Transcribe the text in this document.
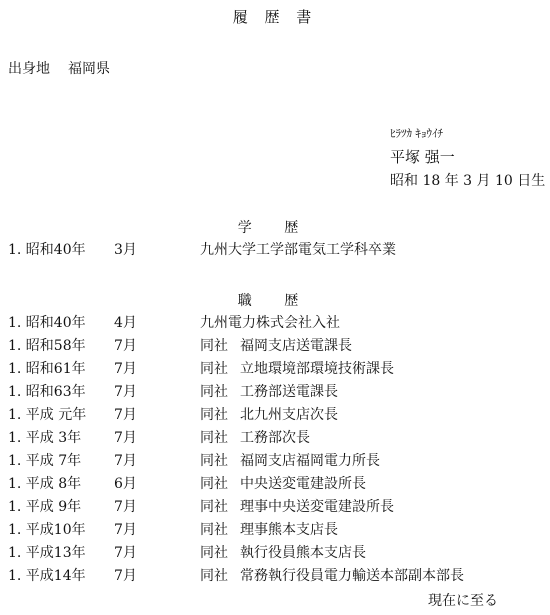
履 歴 書
出身地 福岡県
ﾋﾗﾂｶ ｷｮｳｲﾁ
平塚 强一
昭和 18 年 3 月 10 日生
学 歴
1. 昭和40年 3月	九州大学工学部電気工学科卒業
職 歴
1. 昭和40年 4月	九州電力株式会社入社
1. 昭和58年 7月	同社 福岡支店送電課長
1. 昭和61年 7月	同社 立地環境部環境技術課長
1. 昭和63年 7月	同社 工務部送電課長
1. 平成 元年 7月	同社 北九州支店次長
1. 平成 3年 7月	同社 工務部次長
1. 平成 7年 7月	同社 福岡支店福岡電力所長
1. 平成 8年 6月	同社 中央送変電建設所長
1. 平成 9年 7月	同社 理事中央送変電建設所長
1. 平成10年 7月	同社 理事熊本支店長
1. 平成13年 7月	同社 執行役員熊本支店長
1. 平成14年 7月	同社 常務執行役員電力輸送本部副本部長
現在に至る
